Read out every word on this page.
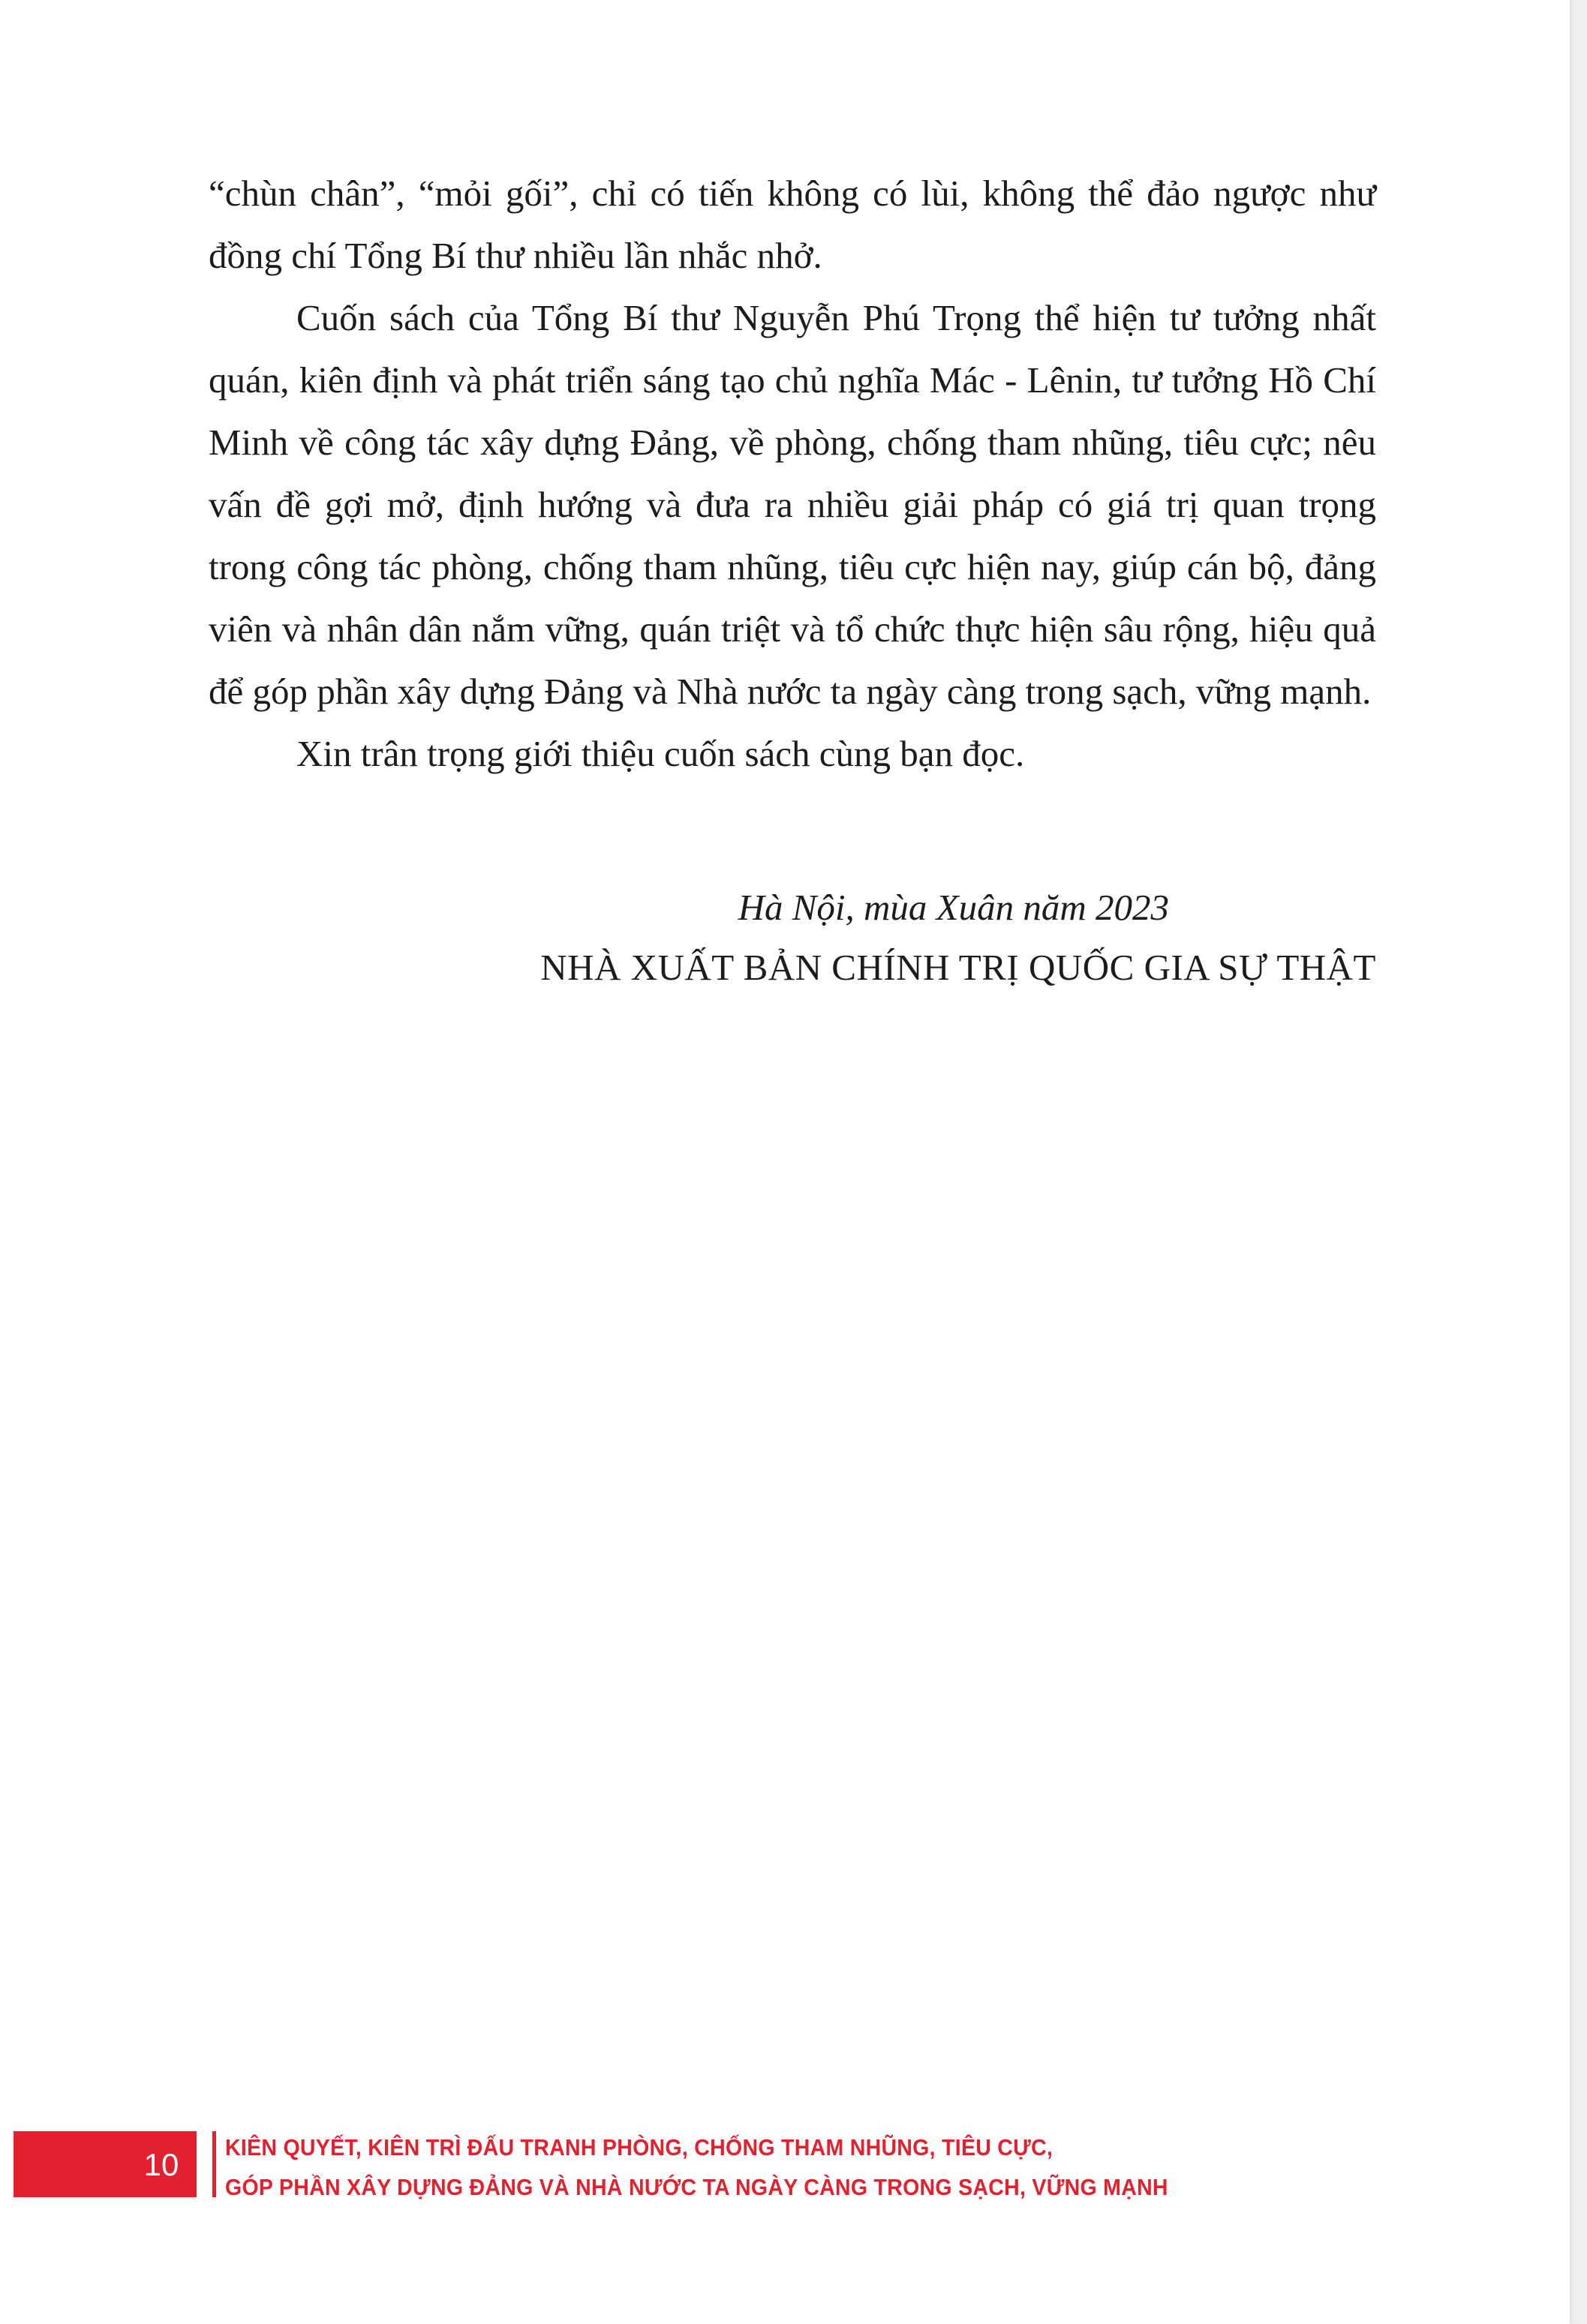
“chùn chân”, “mỏi gối”, chỉ có tiến không có lùi, không thể đảo ngược như đồng chí Tổng Bí thư nhiều lần nhắc nhở.

Cuốn sách của Tổng Bí thư Nguyễn Phú Trọng thể hiện tư tưởng nhất quán, kiên định và phát triển sáng tạo chủ nghĩa Mác - Lênin, tư tưởng Hồ Chí Minh về công tác xây dựng Đảng, về phòng, chống tham nhũng, tiêu cực; nêu vấn đề gợi mở, định hướng và đưa ra nhiều giải pháp có giá trị quan trọng trong công tác phòng, chống tham nhũng, tiêu cực hiện nay, giúp cán bộ, đảng viên và nhân dân nắm vững, quán triệt và tổ chức thực hiện sâu rộng, hiệu quả để góp phần xây dựng Đảng và Nhà nước ta ngày càng trong sạch, vững mạnh.

Xin trân trọng giới thiệu cuốn sách cùng bạn đọc.

Hà Nội, mùa Xuân năm 2023
NHÀ XUẤT BẢN CHÍNH TRỊ QUỐC GIA SỰ THẬT
10	KIÊN QUYẾT, KIÊN TRÌ ĐẤU TRANH PHÒNG, CHỐNG THAM NHŨNG, TIÊU CỰC,
GÓP PHẦN XÂY DỰNG ĐẢNG VÀ NHÀ NƯỚC TA NGÀY CÀNG TRONG SẠCH, VỮNG MẠNH
